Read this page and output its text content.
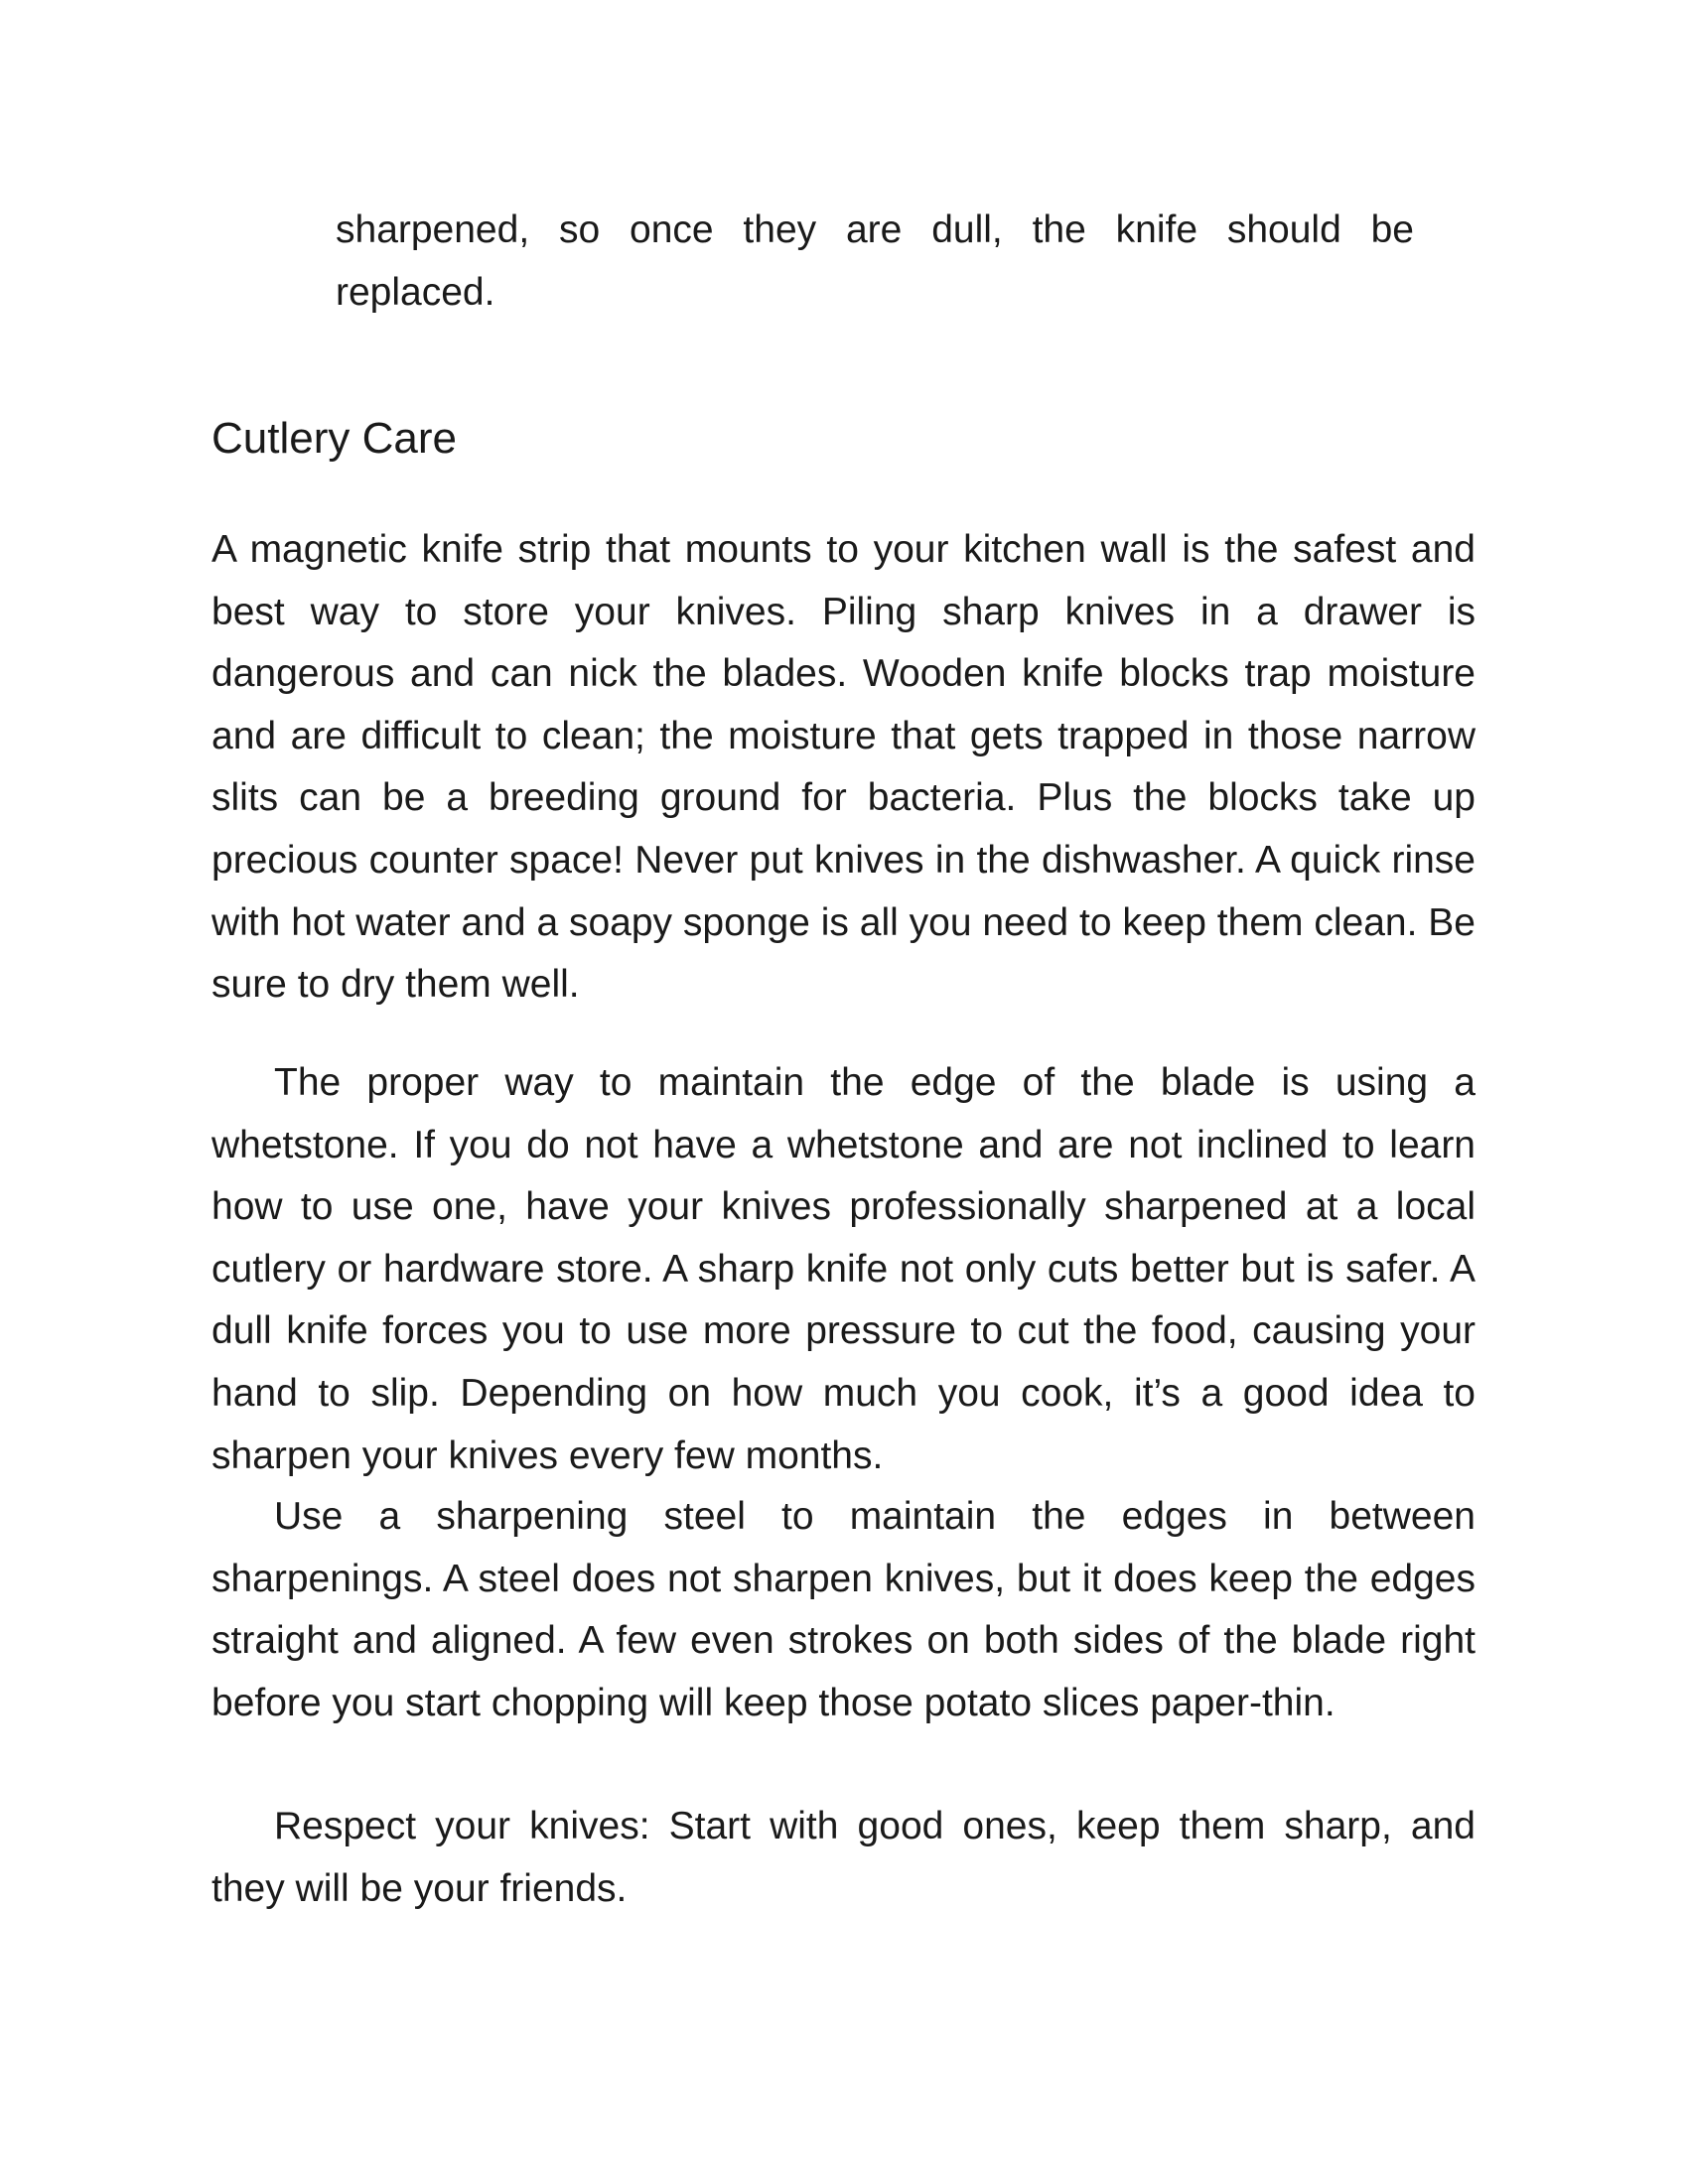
sharpened, so once they are dull, the knife should be replaced.

Cutlery Care

A magnetic knife strip that mounts to your kitchen wall is the safest and best way to store your knives. Piling sharp knives in a drawer is dangerous and can nick the blades. Wooden knife blocks trap moisture and are difficult to clean; the moisture that gets trapped in those narrow slits can be a breeding ground for bacteria. Plus the blocks take up precious counter space! Never put knives in the dishwasher. A quick rinse with hot water and a soapy sponge is all you need to keep them clean. Be sure to dry them well.

The proper way to maintain the edge of the blade is using a whetstone. If you do not have a whetstone and are not inclined to learn how to use one, have your knives professionally sharpened at a local cutlery or hardware store. A sharp knife not only cuts better but is safer. A dull knife forces you to use more pressure to cut the food, causing your hand to slip. Depending on how much you cook, it’s a good idea to sharpen your knives every few months.

Use a sharpening steel to maintain the edges in between sharpenings. A steel does not sharpen knives, but it does keep the edges straight and aligned. A few even strokes on both sides of the blade right before you start chopping will keep those potato slices paper-thin.

Respect your knives: Start with good ones, keep them sharp, and they will be your friends.
